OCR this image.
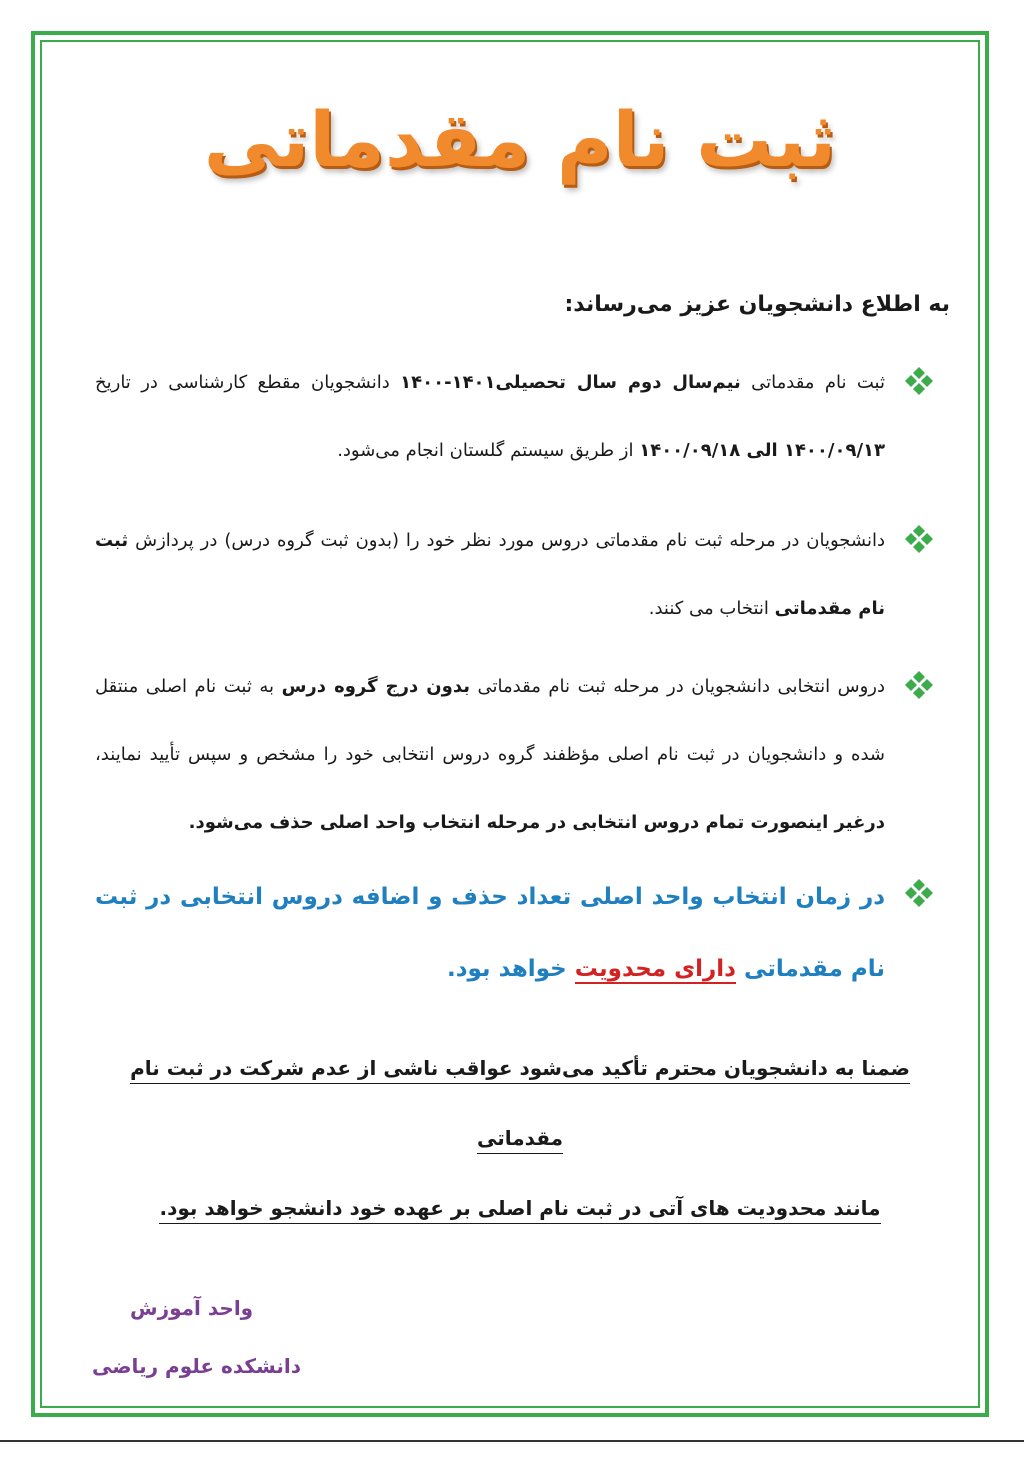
ثبت نام مقدماتی
به اطلاع دانشجویان عزیز می‌رساند:
ثبت نام مقدماتی نیم‌سال دوم سال تحصیلی۱۴۰۱-۱۴۰۰ دانشجویان مقطع کارشناسی در تاریخ ۱۴۰۰/۰۹/۱۳ الی ۱۴۰۰/۰۹/۱۸ از طریق سیستم گلستان انجام می‌شود.
دانشجویان در مرحله ثبت نام مقدماتی دروس مورد نظر خود را (بدون ثبت گروه درس) در پردازش ثبت نام مقدماتی انتخاب می کنند.
دروس انتخابی دانشجویان در مرحله ثبت نام مقدماتی بدون درج گروه درس به ثبت نام اصلی منتقل شده و دانشجویان در ثبت نام اصلی مؤظفند گروه دروس انتخابی خود را مشخص و سپس تأیید نمایند، درغیر اینصورت تمام دروس انتخابی در مرحله انتخاب واحد اصلی حذف می‌شود.
در زمان انتخاب واحد اصلی تعداد حذف و اضافه دروس انتخابی در ثبت نام مقدماتی دارای محدویت خواهد بود.
ضمنا به دانشجویان محترم تأکید می‌شود عواقب ناشی از عدم شرکت در ثبت نام مقدماتی
مانند محدودیت های آتی در ثبت نام اصلی بر عهده خود دانشجو خواهد بود.
واحد آموزش
دانشکده علوم ریاضی
